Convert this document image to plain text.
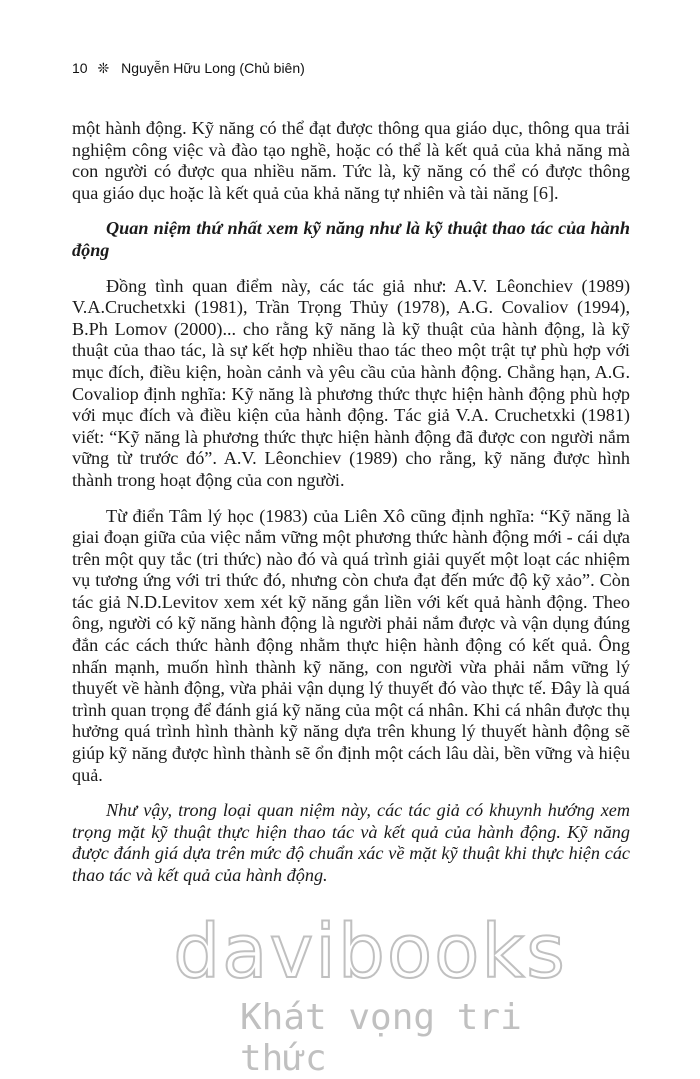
10 ❊ Nguyễn Hữu Long (Chủ biên)

một hành động. Kỹ năng có thể đạt được thông qua giáo dục, thông qua trải nghiệm công việc và đào tạo nghề, hoặc có thể là kết quả của khả năng mà con người có được qua nhiều năm. Tức là, kỹ năng có thể có được thông qua giáo dục hoặc là kết quả của khả năng tự nhiên và tài năng [6].

Quan niệm thứ nhất xem kỹ năng như là kỹ thuật thao tác của hành động

Đồng tình quan điểm này, các tác giả như: A.V. Lêonchiev (1989) V.A.Cruchetxki (1981), Trần Trọng Thủy (1978), A.G. Covaliov (1994), B.Ph Lomov (2000)... cho rằng kỹ năng là kỹ thuật của hành động, là kỹ thuật của thao tác, là sự kết hợp nhiều thao tác theo một trật tự phù hợp với mục đích, điều kiện, hoàn cảnh và yêu cầu của hành động. Chẳng hạn, A.G. Covaliop định nghĩa: Kỹ năng là phương thức thực hiện hành động phù hợp với mục đích và điều kiện của hành động. Tác giả V.A. Cruchetxki (1981) viết: “Kỹ năng là phương thức thực hiện hành động đã được con người nắm vững từ trước đó”. A.V. Lêonchiev (1989) cho rằng, kỹ năng được hình thành trong hoạt động của con người.

Từ điển Tâm lý học (1983) của Liên Xô cũng định nghĩa: “Kỹ năng là giai đoạn giữa của việc nắm vững một phương thức hành động mới - cái dựa trên một quy tắc (tri thức) nào đó và quá trình giải quyết một loạt các nhiệm vụ tương ứng với tri thức đó, nhưng còn chưa đạt đến mức độ kỹ xảo”. Còn tác giả N.D.Levitov xem xét kỹ năng gắn liền với kết quả hành động. Theo ông, người có kỹ năng hành động là người phải nắm được và vận dụng đúng đắn các cách thức hành động nhằm thực hiện hành động có kết quả. Ông nhấn mạnh, muốn hình thành kỹ năng, con người vừa phải nắm vững lý thuyết về hành động, vừa phải vận dụng lý thuyết đó vào thực tế. Đây là quá trình quan trọng để đánh giá kỹ năng của một cá nhân. Khi cá nhân được thụ hưởng quá trình hình thành kỹ năng dựa trên khung lý thuyết hành động sẽ giúp kỹ năng được hình thành sẽ ổn định một cách lâu dài, bền vững và hiệu quả.

Như vậy, trong loại quan niệm này, các tác giả có khuynh hướng xem trọng mặt kỹ thuật thực hiện thao tác và kết quả của hành động. Kỹ năng được đánh giá dựa trên mức độ chuẩn xác về mặt kỹ thuật khi thực hiện các thao tác và kết quả của hành động.

davibooks
Khát vọng tri thức
